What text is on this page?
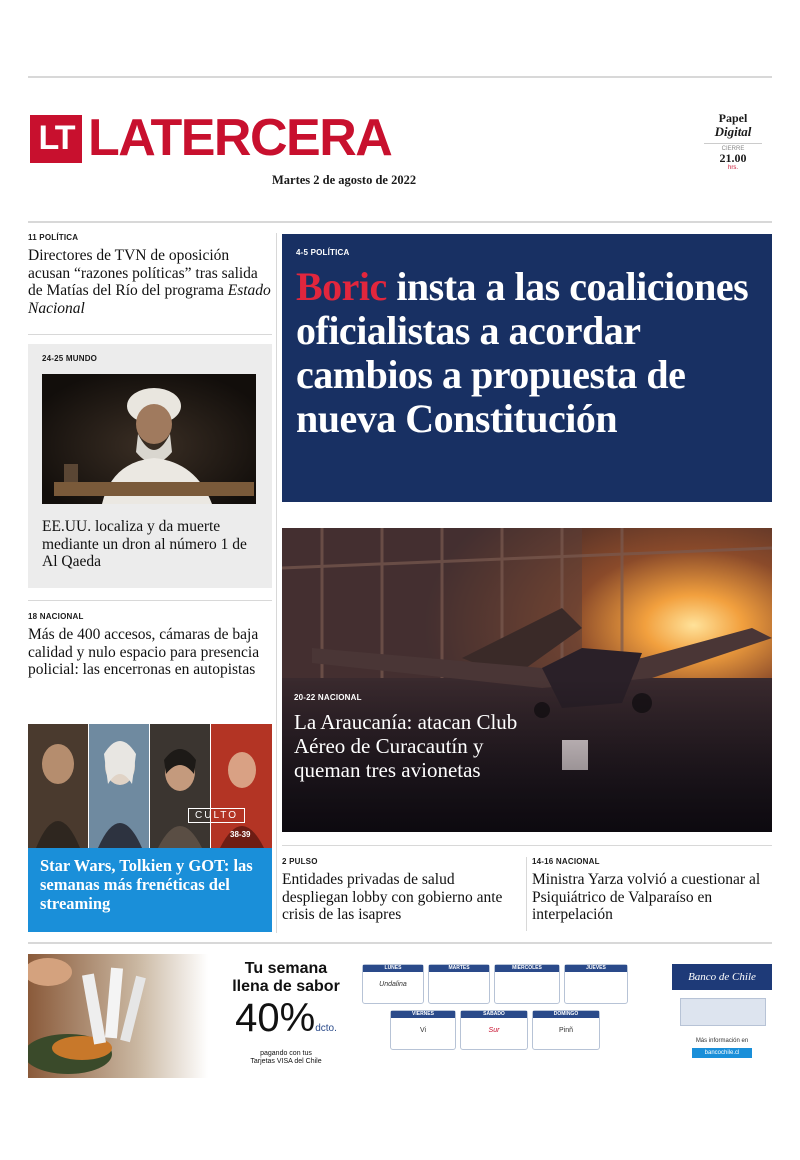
LT LATERCERA
Martes 2 de agosto de 2022
Papel
Digital
CIERRE
21.00
hrs.
11 POLÍTICA
Directores de TVN de oposición acusan “razones políticas” tras salida de Matías del Río del programa Estado Nacional
24-25 MUNDO
EE.UU. localiza y da muerte mediante un dron al número 1 de Al Qaeda
18 NACIONAL
Más de 400 accesos, cámaras de baja calidad y nulo espacio para presencia policial: las encerronas en autopistas
CULTO
38-39
Star Wars, Tolkien y GOT: las semanas más frenéticas del streaming
4-5 POLÍTICA
Boric insta a las coaliciones oficialistas a acordar cambios a propuesta de nueva Constitución
20-22 NACIONAL
La Araucanía: atacan Club Aéreo de Curacautín y queman tres avionetas
2 PULSO
Entidades privadas de salud despliegan lobby con gobierno ante crisis de las isapres
14-16 NACIONAL
Ministra Yarza volvió a cuestionar al Psiquiátrico de Valparaíso en interpelación
Tu semana
llena de sabor
40%dcto.
pagando con tus
Tarjetas VISA del Chile
LUNES
Undalina
MARTES	MIÉRCOLES	JUEVES
VIERNES
Vi
SÁBADO
Sur
DOMINGO
Pinñ
Banco de Chile
Más información en
bancochile.cl
